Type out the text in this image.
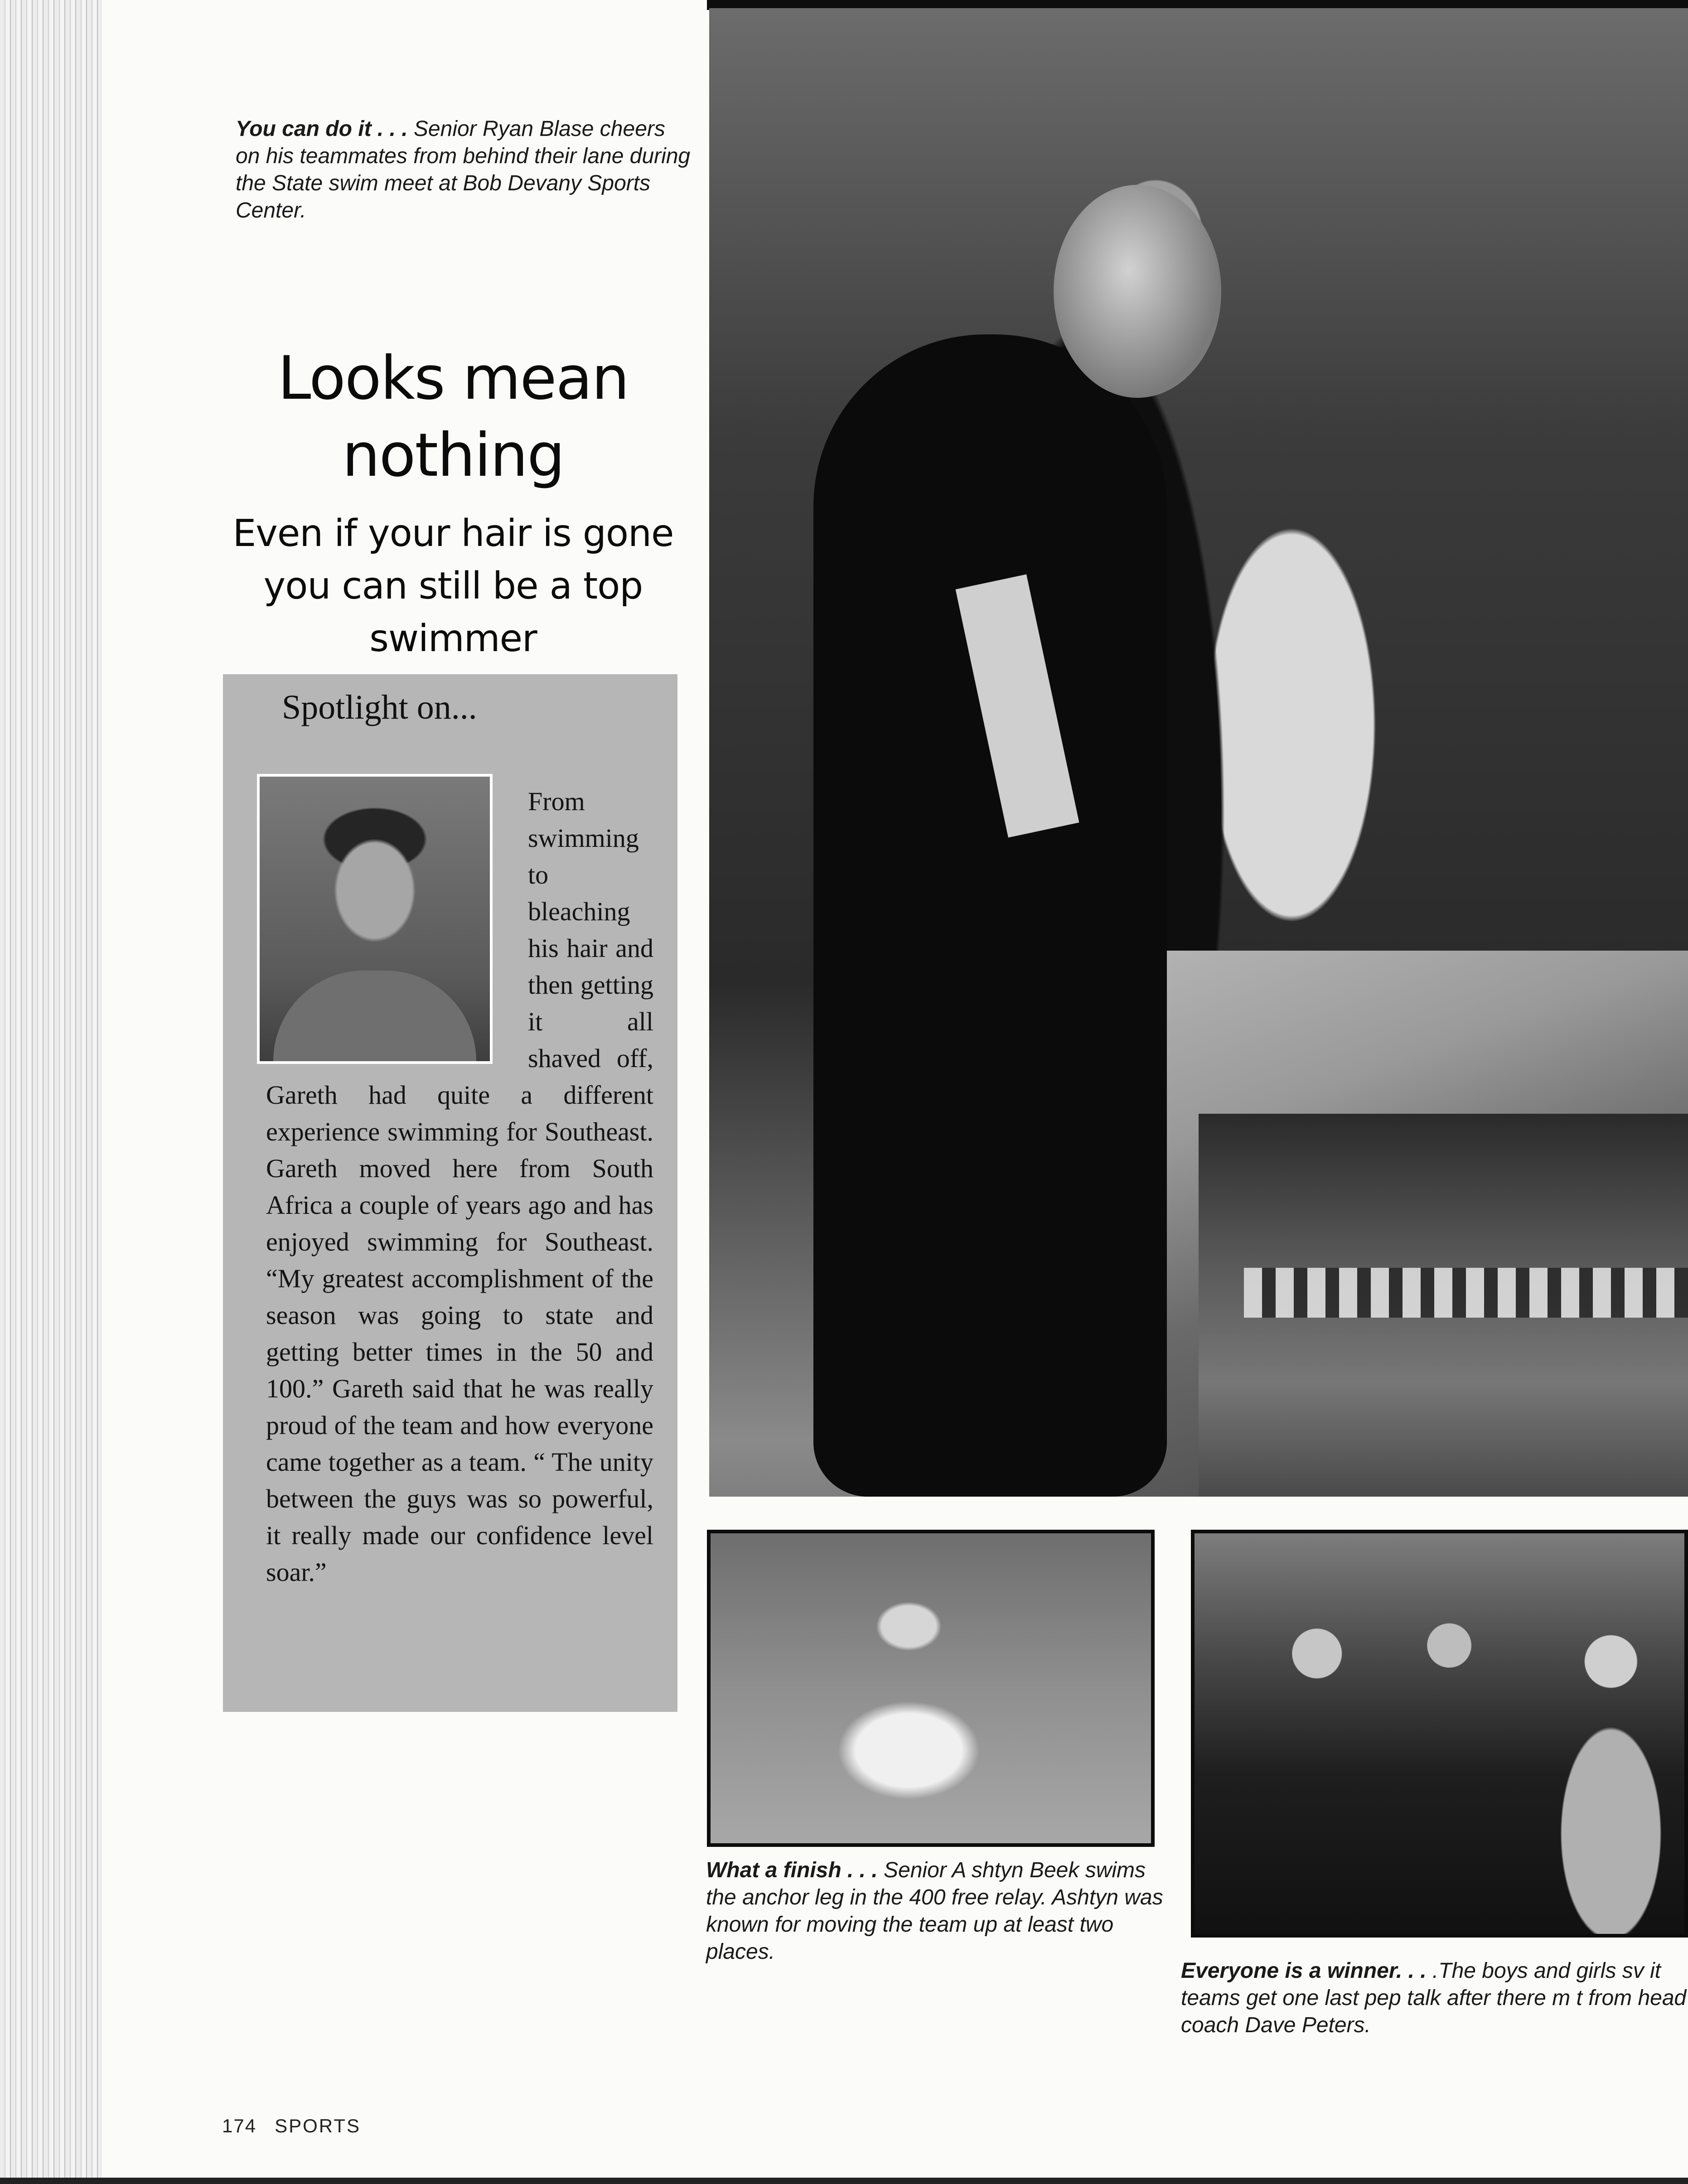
You can do it . . . Senior Ryan Blase cheers on his teammates from behind their lane during the State swim meet at Bob Devany Sports Center.
Looks mean
nothing
Even if your hair is gone you can still be a top swimmer
Spotlight on...
From swimming to bleaching his hair and then getting it all shaved off, Gareth had quite a different experience swimming for Southeast. Gareth moved here from South Africa a couple of years ago and has enjoyed swimming for Southeast. “My greatest accomplishment of the season was going to state and getting better times in the 50 and 100.” Gareth said that he was really proud of the team and how everyone came together as a team. “ The unity between the guys was so powerful, it really made our confidence level soar.”
What a finish . . . Senior A shtyn Beek swims the anchor leg in the 400 free relay. Ashtyn was known for moving the team up at least two places.
Everyone is a winner. . . .The boys and girls sv it teams get one last pep talk after there m t from head coach Dave Peters.
174 SPORTS
